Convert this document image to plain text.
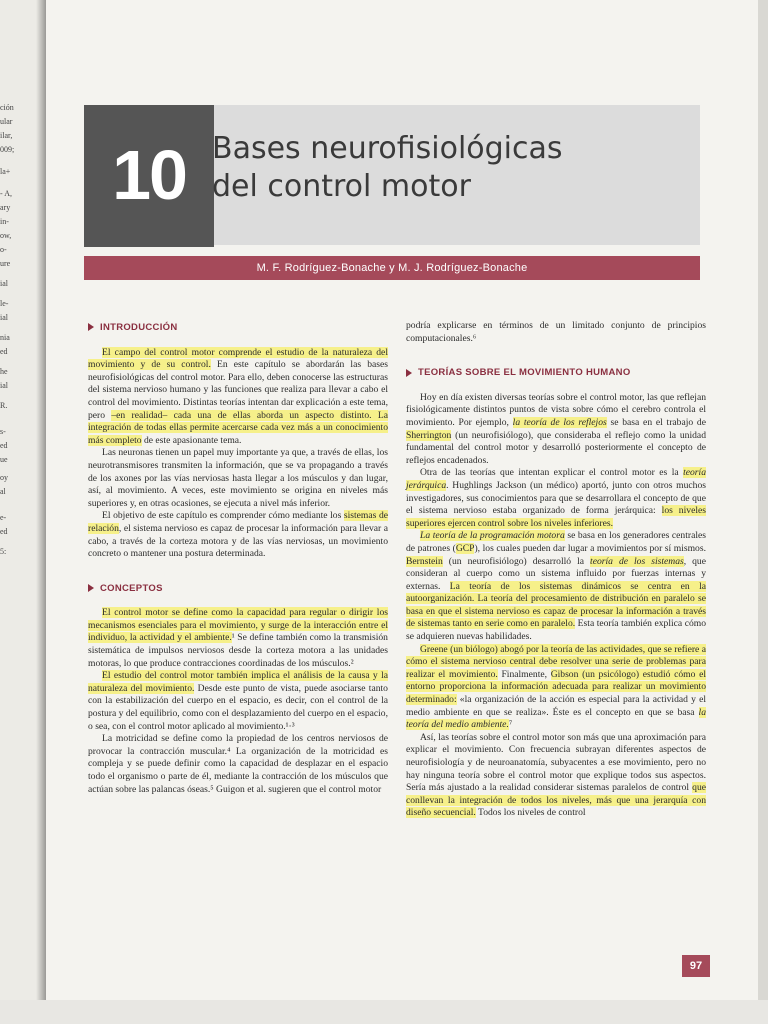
ción
ular
ilar,
009;
la+
- A,
ary
in-
ow,
o-
ure
ial
le-
ial
nia
ed
he
ial
R.
s-
ed
ue
oy
al
e-
ed
5:
10 Bases neurofisiológicas
del control motor
M. F. Rodríguez-Bonache y M. J. Rodríguez-Bonache
INTRODUCCIÓN

El campo del control motor comprende el estudio de la naturaleza del movimiento y de su control. En este capítulo se abordarán las bases neurofisiológicas del control motor. Para ello, deben conocerse las estructuras del sistema nervioso humano y las funciones que realiza para llevar a cabo el control del movimiento. Distintas teorías intentan dar explicación a este tema, pero –en realidad– cada una de ellas aborda un aspecto distinto. La integración de todas ellas permite acercarse cada vez más a un conocimiento más completo de este apasionante tema.

Las neuronas tienen un papel muy importante ya que, a través de ellas, los neurotransmisores transmiten la información, que se va propagando a través de los axones por las vías nerviosas hasta llegar a los músculos y dan lugar, así, al movimiento. A veces, este movimiento se origina en niveles más superiores y, en otras ocasiones, se ejecuta a nivel más inferior.

El objetivo de este capítulo es comprender cómo mediante los sistemas de relación, el sistema nervioso es capaz de procesar la información para llevar a cabo, a través de la corteza motora y de las vías nerviosas, un movimiento concreto o mantener una postura determinada.

CONCEPTOS

El control motor se define como la capacidad para regular o dirigir los mecanismos esenciales para el movimiento, y surge de la interacción entre el individuo, la actividad y el ambiente.¹ Se define también como la transmisión sistemática de impulsos nerviosos desde la corteza motora a las unidades motoras, lo que produce contracciones coordinadas de los músculos.²

El estudio del control motor también implica el análisis de la causa y la naturaleza del movimiento. Desde este punto de vista, puede asociarse tanto con la estabilización del cuerpo en el espacio, es decir, con el control de la postura y del equilibrio, como con el desplazamiento del cuerpo en el espacio, o sea, con el control motor aplicado al movimiento.¹·³

La motricidad se define como la propiedad de los centros nerviosos de provocar la contracción muscular.⁴ La organización de la motricidad es compleja y se puede definir como la capacidad de desplazar en el espacio todo el organismo o parte de él, mediante la contracción de los músculos que actúan sobre las palancas óseas.⁵ Guigon et al. sugieren que el control motor

podría explicarse en términos de un limitado conjunto de principios computacionales.⁶

TEORÍAS SOBRE EL MOVIMIENTO HUMANO

Hoy en día existen diversas teorías sobre el control motor, las que reflejan fisiológicamente distintos puntos de vista sobre cómo el cerebro controla el movimiento. Por ejemplo, la teoría de los reflejos se basa en el trabajo de Sherrington (un neurofisiólogo), que consideraba el reflejo como la unidad fundamental del control motor y desarrolló posteriormente el concepto de reflejos encadenados.

Otra de las teorías que intentan explicar el control motor es la teoría jerárquica. Hughlings Jackson (un médico) aportó, junto con otros muchos investigadores, sus conocimientos para que se desarrollara el concepto de que el sistema nervioso estaba organizado de forma jerárquica: los niveles superiores ejercen control sobre los niveles inferiores.

La teoría de la programación motora se basa en los generadores centrales de patrones (GCP), los cuales pueden dar lugar a movimientos por sí mismos. Bernstein (un neurofisiólogo) desarrolló la teoría de los sistemas, que consideran al cuerpo como un sistema influido por fuerzas internas y externas. La teoría de los sistemas dinámicos se centra en la autoorganización. La teoría del procesamiento de distribución en paralelo se basa en que el sistema nervioso es capaz de procesar la información a través de sistemas tanto en serie como en paralelo. Esta teoría también explica cómo se adquieren nuevas habilidades.

Greene (un biólogo) abogó por la teoría de las actividades, que se refiere a cómo el sistema nervioso central debe resolver una serie de problemas para realizar el movimiento. Finalmente, Gibson (un psicólogo) estudió cómo el entorno proporciona la información adecuada para realizar un movimiento determinado: «la organización de la acción es especial para la actividad y el medio ambiente en que se realiza». Éste es el concepto en que se basa la teoría del medio ambiente.⁷

Así, las teorías sobre el control motor son más que una aproximación para explicar el movimiento. Con frecuencia subrayan diferentes aspectos de neurofisiología y de neuroanatomía, subyacentes a ese movimiento, pero no hay ninguna teoría sobre el control motor que explique todos sus aspectos. Sería más ajustado a la realidad considerar sistemas paralelos de control que conllevan la integración de todos los niveles, más que una jerarquía con diseño secuencial. Todos los niveles de control

97
